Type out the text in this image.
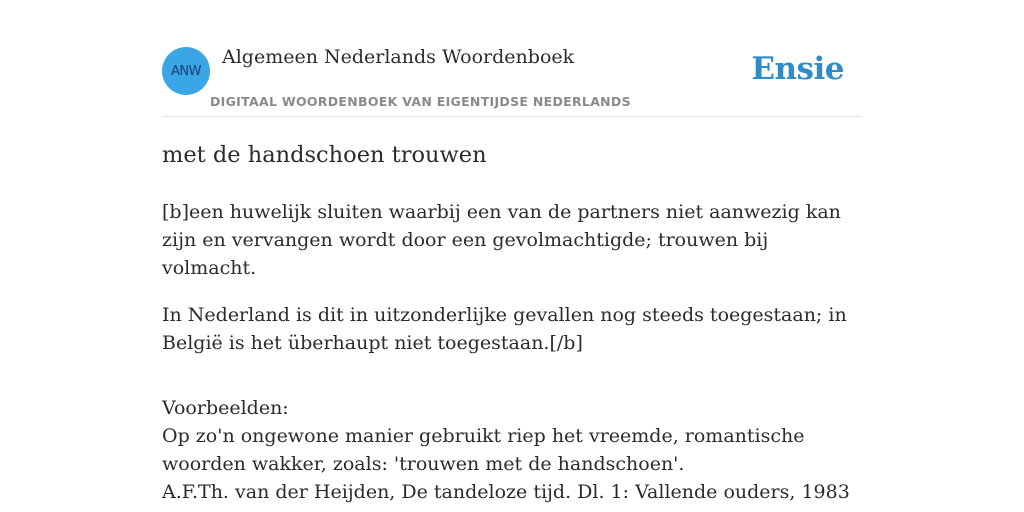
ANW
Algemeen Nederlands Woordenboek
DIGITAAL WOORDENBOEK VAN EIGENTIJDSE NEDERLANDS
Ensie
met de handschoen trouwen

[b]een huwelijk sluiten waarbij een van de partners niet aanwezig kan zijn en vervangen wordt door een gevolmachtigde; trouwen bij volmacht.

In Nederland is dit in uitzonderlijke gevallen nog steeds toegestaan; in België is het überhaupt niet toegestaan.[/b]

Voorbeelden:
Op zo'n ongewone manier gebruikt riep het vreemde, romantische woorden wakker, zoals: 'trouwen met de handschoen'.
A.F.Th. van der Heijden, De tandeloze tijd. Dl. 1: Vallende ouders, 1983
